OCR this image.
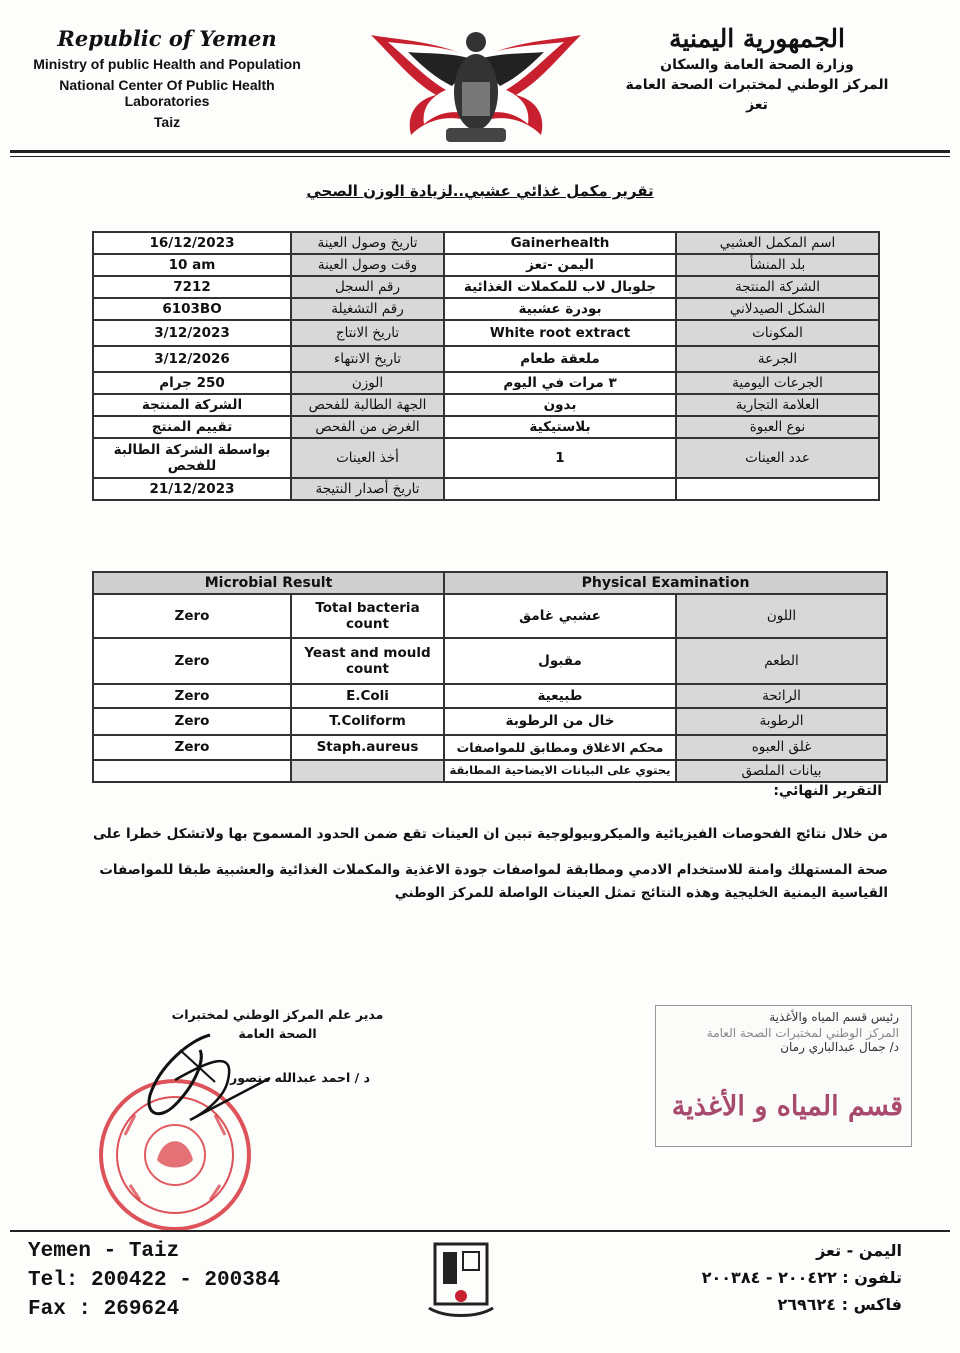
Republic of Yemen
Ministry of public Health and Population
National Center Of Public Health Laboratories
Taiz
الجمهورية اليمنية
وزارة الصحة العامة والسكان
المركز الوطني لمختبرات الصحة العامة
تعز
تقرير مكمل غذائي عشبي..لزيادة الوزن الصحي
16/12/2023	تاريخ وصول العينة	Gainerhealth	اسم المكمل العشبي
10 am	وقت وصول العينة	اليمن -تعز	بلد المنشأ
7212	رقم السجل	جلوبال لاب للمكملات الغذائية	الشركة المنتجة
6103BO	رقم التشغيلة	بودرة عشبية	الشكل الصيدلاني
3/12/2023	تاريخ الانتاج	White root extract	المكونات
3/12/2026	تاريخ الانتهاء	ملعقة طعام	الجرعة
250 جرام	الوزن	٣ مرات في اليوم	الجرعات اليومية
الشركة المنتجة	الجهة الطالبة للفحص	بدون	العلامة التجارية
تقييم المنتج	الغرض من الفحص	بلاستيكية	نوع العبوة
بواسطة الشركة الطالبة للفحص	أخذ العينات	1	عدد العينات
21/12/2023	تاريخ أصدار النتيجة		
Microbial Result		Physical Examination	
Zero	Total bacteria count	عشبي غامق	اللون
Zero	Yeast and mould count	مقبول	الطعم
Zero	E.Coli	طبيعية	الرائحة
Zero	T.Coliform	خال من الرطوبة	الرطوبة
Zero	Staph.aureus	محكم الاغلاق ومطابق للمواصفات	غلق العبوه
		يحتوي على البيانات الايضاحية المطابقة	بيانات الملصق
التقرير النهائي:
من خلال نتائج الفحوصات الفيزيائية والميكروبيولوجية تبين ان العينات تقع ضمن الحدود المسموح بها ولاتشكل خطرا على
صحة المستهلك وامنة للاستخدام الادمي ومطابقة لمواصفات جودة الاغذية والمكملات الغذائية والعشبية طبقا للمواصفات
القياسية اليمنية الخليجية وهذه النتائج تمثل العينات الواصلة للمركز الوطني
مدير علم المركز الوطني لمختبرات
الصحة العامة
د / احمد عبدالله منصور
رئيس قسم المياه والأغذية
المركز الوطني لمختبرات الصحة العامة
د/ جمال عبدالباري رمان
قسم المياه و الأغذية
Yemen - Taiz
Tel: 200422 - 200384
Fax : 269624
اليمن - تعز
تلفون : ٢٠٠٤٢٢ - ٢٠٠٣٨٤
فاكس : ٢٦٩٦٢٤
